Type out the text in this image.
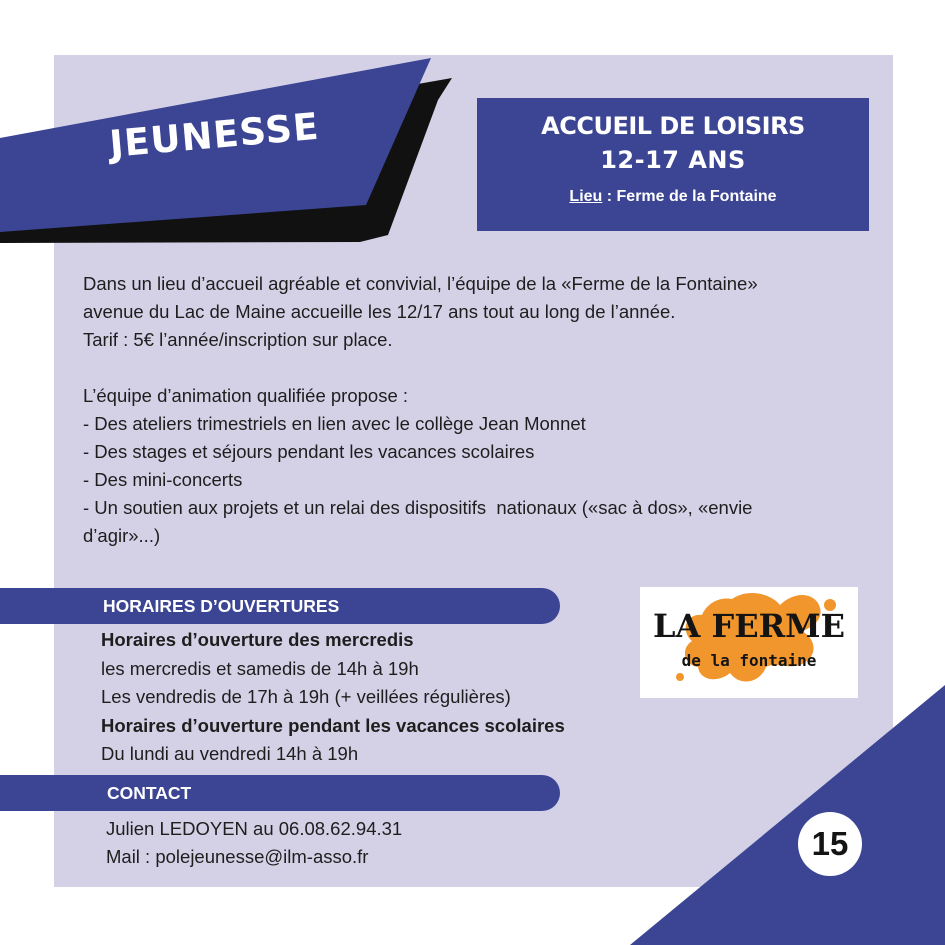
JEUNESSE	ACCUEIL DE LOISIRS
12-17 ANS
Lieu : Ferme de la Fontaine

Dans un lieu d’accueil agréable et convivial, l’équipe de la «Ferme de la Fontaine»

avenue du Lac de Maine accueille les 12/17 ans tout au long de l’année.

Tarif : 5€ l’année/inscription sur place.

L’équipe d’animation qualifiée propose :

- Des ateliers trimestriels en lien avec le collège Jean Monnet

- Des stages et séjours pendant les vacances scolaires

- Des mini-concerts

- Un soutien aux projets et un relai des dispositifs  nationaux («sac à dos», «envie

d’agir»...)

HORAIRES D’OUVERTURES

Horaires d’ouverture des mercredis

les mercredis et samedis de 14h à 19h

Les vendredis de 17h à 19h (+ veillées régulières)

Horaires d’ouverture pendant les vacances scolaires

Du lundi au vendredi 14h à 19h

CONTACT

Julien LEDOYEN au 06.08.62.94.31

Mail : polejeunesse@ilm-asso.fr

LA FERME
de la fontaine
15
